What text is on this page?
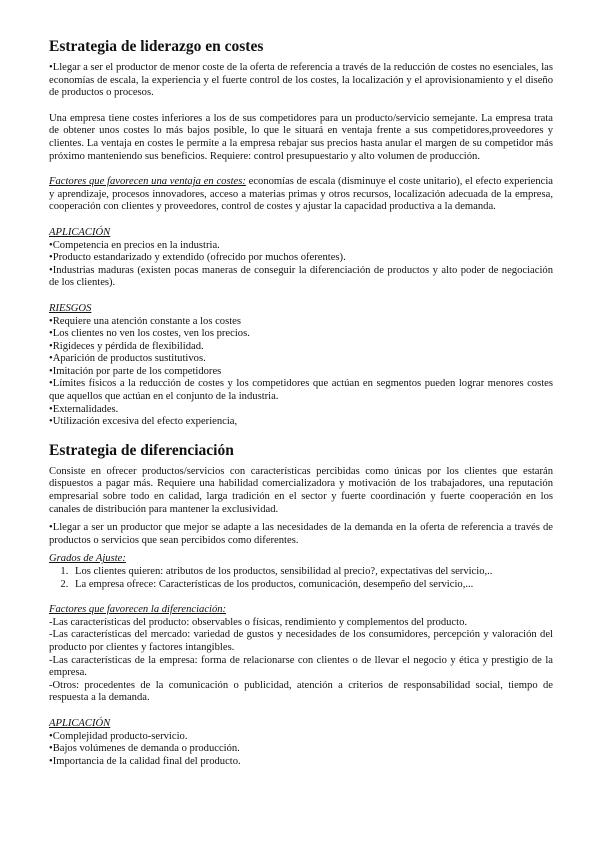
Estrategia de liderazgo en costes
• Llegar a ser el productor de menor coste de la oferta de referencia a través de la reducción de costes no esenciales, las economías de escala, la experiencia y el fuerte control de los costes, la localización y el aprovisionamiento y el diseño de productos o procesos.

Una empresa tiene costes inferiores a los de sus competidores para un producto/servicio semejante. La empresa trata de obtener unos costes lo más bajos posible, lo que le situará en ventaja frente a sus competidores,proveedores y clientes. La ventaja en costes le permite a la empresa rebajar sus precios hasta anular el margen de su competidor más próximo manteniendo sus beneficios. Requiere: control presupuestario y alto volumen de producción.

Factores que favorecen una ventaja en costes: economías de escala (disminuye el coste unitario), el efecto experiencia y aprendizaje, procesos innovadores, acceso a materias primas y otros recursos, localización adecuada de la empresa, cooperación con clientes y proveedores, control de costes y ajustar la capacidad productiva a la demanda.

APLICACIÓN

• Competencia en precios en la industria.
• Producto estandarizado y extendido (ofrecido por muchos oferentes).
• Industrias maduras (existen pocas maneras de conseguir la diferenciación de productos y alto poder de negociación de los clientes).

RIESGOS

• Requiere una atención constante a los costes
• Los clientes no ven los costes, ven los precios.
• Rigideces y pérdida de flexibilidad.
• Aparición de productos sustitutivos.
• Imitación por parte de los competidores
• Límites físicos a la reducción de costes y los competidores que actúan en segmentos pueden lograr menores costes que aquellos que actúan en el conjunto de la industria.
• Externalidades.
• Utilización excesiva del efecto experiencia,
Estrategia de diferenciación

Consiste en ofrecer productos/servicios con características percibidas como únicas por los clientes que estarán dispuestos a pagar más. Requiere una habilidad comercializadora y motivación de los trabajadores, una reputación empresarial sobre todo en calidad, larga tradición en el sector y fuerte coordinación y fuerte cooperación en los canales de distribución para mantener la exclusividad.

• Llegar a ser un productor que mejor se adapte a las necesidades de la demanda en la oferta de referencia a través de productos o servicios que sean percibidos como diferentes.

Grados de Ajuste:

1. Los clientes quieren: atributos de los productos, sensibilidad al precio?, expectativas del servicio,..
2. La empresa ofrece: Características de los productos, comunicación, desempeño del servicio,...

Factores que favorecen la diferenciación:

-Las características del producto: observables o físicas, rendimiento y complementos del producto.

-Las características del mercado: variedad de gustos y necesidades de los consumidores, percepción y valoración del producto por clientes y factores intangibles.

-Las características de la empresa: forma de relacionarse con clientes o de llevar el negocio y ética y prestigio de la empresa.

-Otros: procedentes de la comunicación o publicidad, atención a criterios de responsabilidad social, tiempo de respuesta a la demanda.

APLICACIÓN

• Complejidad producto-servicio.
• Bajos volúmenes de demanda o producción.
• Importancia de la calidad final del producto.
